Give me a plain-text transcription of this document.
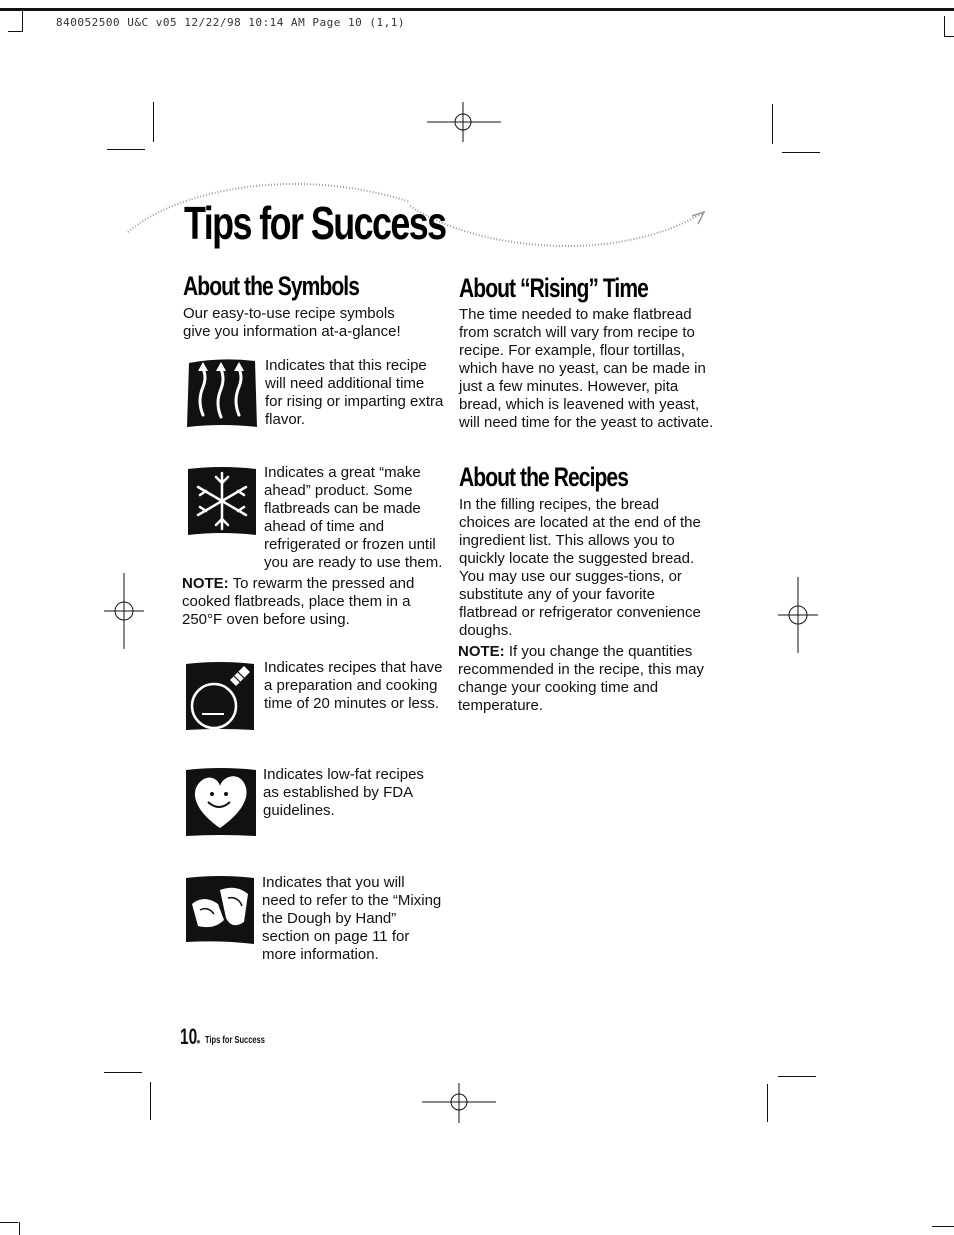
840052500 U&C v05 12/22/98 10:14 AM Page 10 (1,1)
Tips for Success
About the Symbols
Our easy-to-use recipe symbols give you information at-a-glance!
Indicates that this recipe will need additional time for rising or imparting extra flavor.
Indicates a great “make ahead” product. Some flatbreads can be made ahead of time and refrigerated or frozen until you are ready to use them.
NOTE: To rewarm the pressed and cooked flatbreads, place them in a 250°F oven before using.
Indicates recipes that have a preparation and cooking time of 20 minutes or less.
Indicates low-fat recipes as established by FDA guidelines.
Indicates that you will need to refer to the “Mixing the Dough by Hand” section on page 11 for more information.
About “Rising” Time
The time needed to make flatbread from scratch will vary from recipe to recipe. For example, flour tortillas, which have no yeast, can be made in just a few minutes. However, pita bread, which is leavened with yeast, will need time for the yeast to activate.
About the Recipes
In the filling recipes, the bread choices are located at the end of the ingredient list. This allows you to quickly locate the suggested bread. You may use our sugges-tions, or substitute any of your favorite flatbread or refrigerator convenience doughs.
NOTE: If you change the quantities recommended in the recipe, this may change your cooking time and temperature.
10
● Tips for Success
